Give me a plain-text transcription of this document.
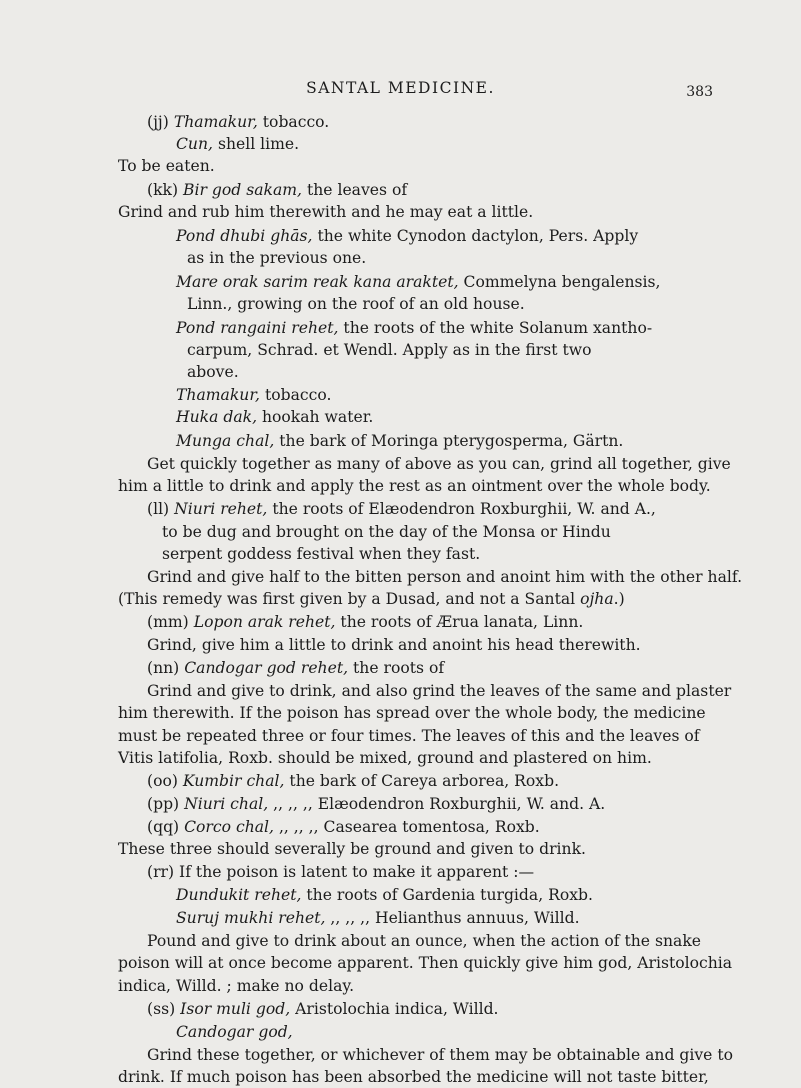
SANTAL MEDICINE.	383
(jj) Thamakur, tobacco.
Cun, shell lime.
To be eaten.
(kk) Bir god sakam, the leaves of
Grind and rub him therewith and he may eat a little.
Pond dhubi ghās, the white Cynodon dactylon, Pers. Apply
as in the previous one.
Mare orak sarim reak kana araktet, Commelyna bengalensis,
Linn., growing on the roof of an old house.
Pond rangaini rehet, the roots of the white Solanum xantho-
carpum, Schrad. et Wendl. Apply as in the first two
above.
Thamakur, tobacco.
Huka dak, hookah water.
Munga chal, the bark of Moringa pterygosperma, Gärtn.
Get quickly together as many of above as you can, grind all together, give
him a little to drink and apply the rest as an ointment over the whole body.
(ll) Niuri rehet, the roots of Elæodendron Roxburghii, W. and A.,
to be dug and brought on the day of the Monsa or Hindu
serpent goddess festival when they fast.
Grind and give half to the bitten person and anoint him with the other half.
(This remedy was first given by a Dusad, and not a Santal ojha.)
(mm) Lopon arak rehet, the roots of Ærua lanata, Linn.
Grind, give him a little to drink and anoint his head therewith.
(nn) Candogar god rehet, the roots of
Grind and give to drink, and also grind the leaves of the same and plaster
him therewith. If the poison has spread over the whole body, the medicine
must be repeated three or four times. The leaves of this and the leaves of
Vitis latifolia, Roxb. should be mixed, ground and plastered on him.
(oo) Kumbir chal, the bark of Careya arborea, Roxb.
(pp) Niuri chal, ,, ,, ,, Elæodendron Roxburghii, W. and. A.
(qq) Corco chal, ,, ,, ,, Casearea tomentosa, Roxb.
These three should severally be ground and given to drink.
(rr) If the poison is latent to make it apparent :—
Dundukit rehet, the roots of Gardenia turgida, Roxb.
Suruj mukhi rehet, ,, ,, ,, Helianthus annuus, Willd.
Pound and give to drink about an ounce, when the action of the snake
poison will at once become apparent. Then quickly give him god, Aristolochia
indica, Willd. ; make no delay.
(ss) Isor muli god, Aristolochia indica, Willd.
Candogar god,
Grind these together, or whichever of them may be obtainable and give to
drink. If much poison has been absorbed the medicine will not taste bitter,
